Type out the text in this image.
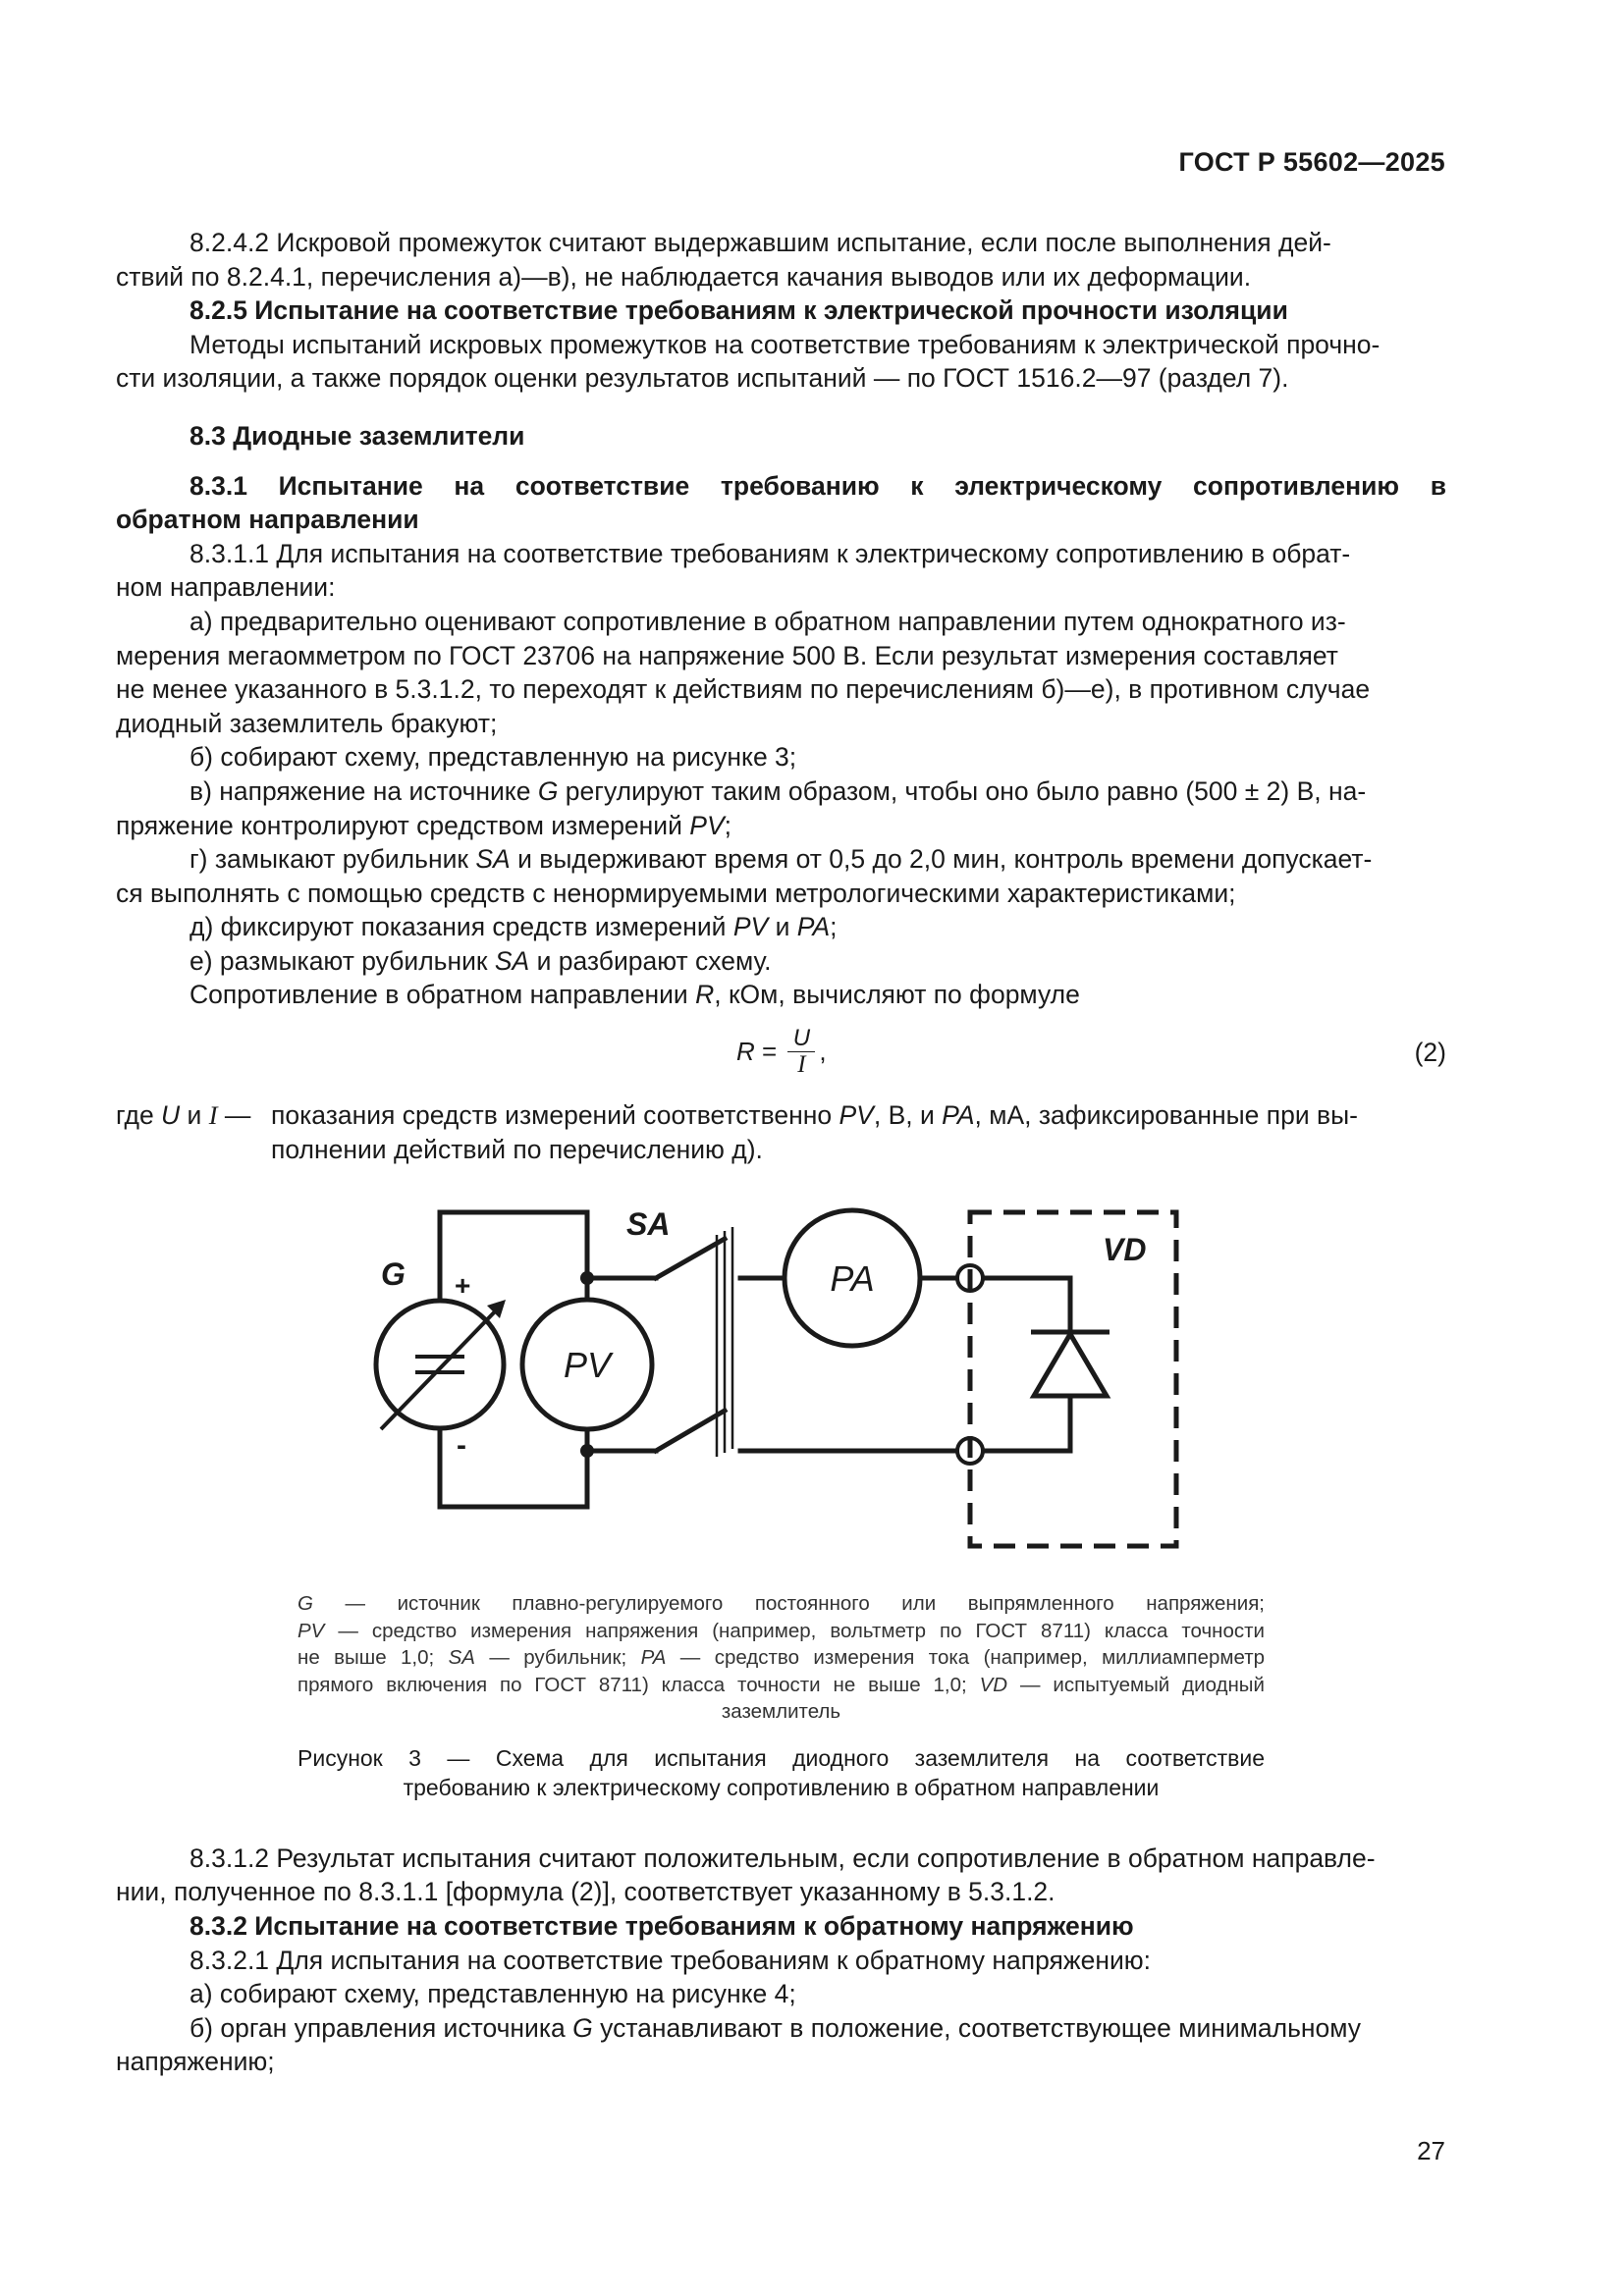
ГОСТ Р 55602—2025

8.2.4.2 Искровой промежуток считают выдержавшим испытание, если после выполнения дей-

ствий по 8.2.4.1, перечисления а)—в), не наблюдается качания выводов или их деформации.

8.2.5 Испытание на соответствие требованиям к электрической прочности изоляции

Методы испытаний искровых промежутков на соответствие требованиям к электрической прочно-

сти изоляции, а также порядок оценки результатов испытаний — по ГОСТ 1516.2—97 (раздел 7).

8.3 Диодные заземлители

8.3.1 Испытание на соответствие требованию к электрическому сопротивлению в

обратном направлении

8.3.1.1 Для испытания на соответствие требованиям к электрическому сопротивлению в обрат-

ном направлении:

а) предварительно оценивают сопротивление в обратном направлении путем однократного из-

мерения мегаомметром по ГОСТ 23706 на напряжение 500 В. Если результат измерения составляет

не менее указанного в 5.3.1.2, то переходят к действиям по перечислениям б)—е), в противном случае

диодный заземлитель бракуют;

б) собирают схему, представленную на рисунке 3;

в) напряжение на источнике G регулируют таким образом, чтобы оно было равно (500 ± 2) В, на-

пряжение контролируют средством измерений PV;

г) замыкают рубильник SA и выдерживают время от 0,5 до 2,0 мин, контроль времени допускает-

ся выполнять с помощью средств с ненормируемыми метрологическими характеристиками;

д) фиксируют показания средств измерений PV и PA;

е) размыкают рубильник SA и разбирают схему.

Сопротивление в обратном направлении R, кОм, вычисляют по формуле

$R = \frac{U}{I}$ ,	(2)
где U и I — показания средств измерений соответственно PV, В, и PA, мА, зафиксированные при вы-
полнении действий по перечислению д).
G +
-
PV
SA
PA
VD
G — источник плавно-регулируемого постоянного или выпрямленного напряжения;
PV — средство измерения напряжения (например, вольтметр по ГОСТ 8711) класса точности
не выше 1,0; SA — рубильник; PA — средство измерения тока (например, миллиамперметр
прямого включения по ГОСТ 8711) класса точности не выше 1,0; VD — испытуемый диодный
заземлитель
Рисунок 3 — Схема для испытания диодного заземлителя на соответствие
требованию к электрическому сопротивлению в обратном направлении

8.3.1.2 Результат испытания считают положительным, если сопротивление в обратном направле-

нии, полученное по 8.3.1.1 [формула (2)], соответствует указанному в 5.3.1.2.

8.3.2 Испытание на соответствие требованиям к обратному напряжению

8.3.2.1 Для испытания на соответствие требованиям к обратному напряжению:

а) собирают схему, представленную на рисунке 4;

б) орган управления источника G устанавливают в положение, соответствующее минимальному

напряжению;

27
